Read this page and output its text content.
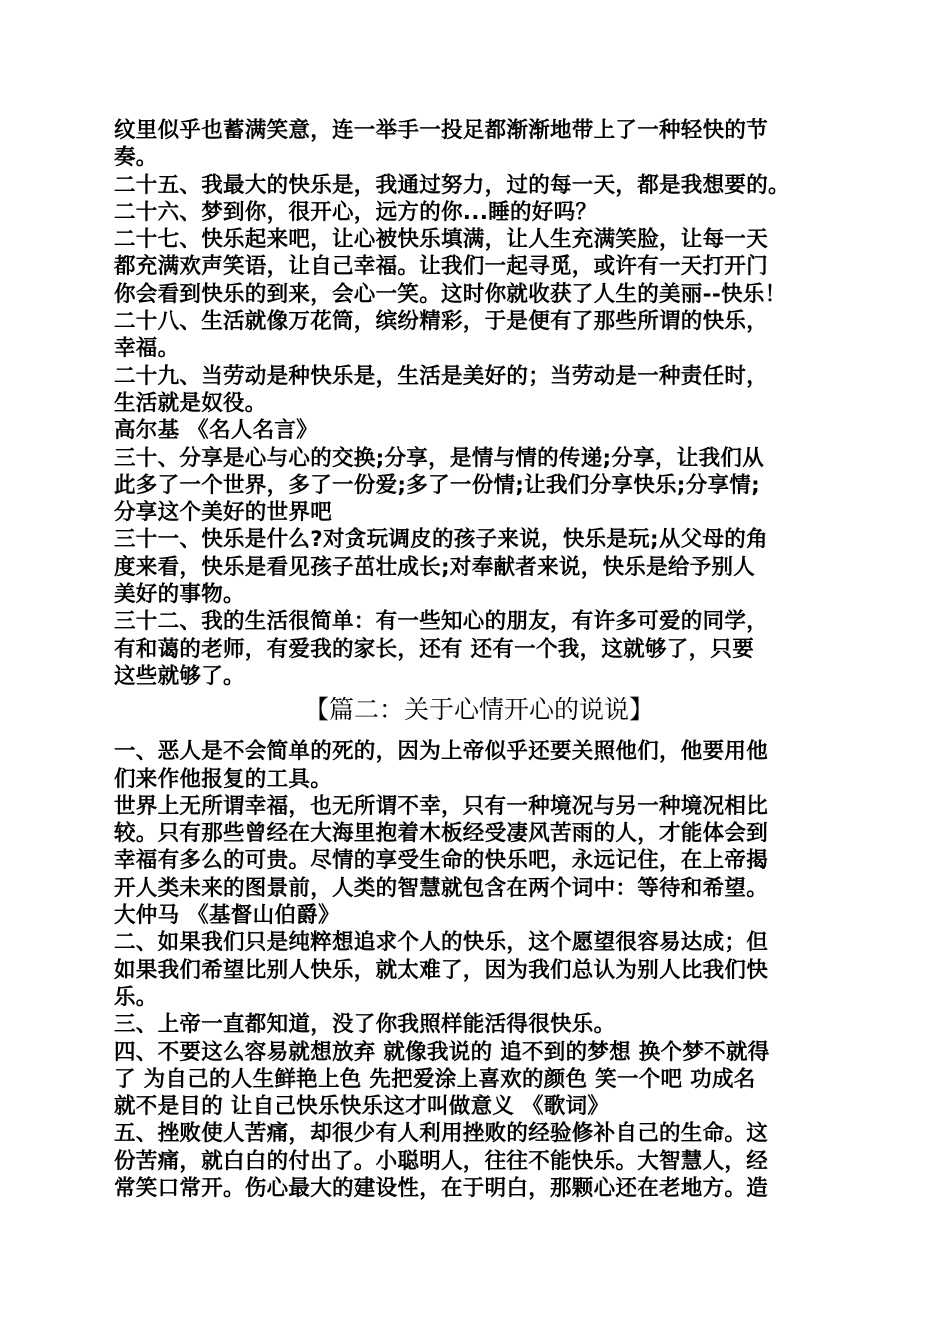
纹里似乎也蓄满笑意，连一举手一投足都渐渐地带上了一种轻快的节
奏。

二十五、我最大的快乐是，我通过努力，过的每一天，都是我想要的。

二十六、梦到你，很开心，远方的你...睡的好吗？

二十七、快乐起来吧，让心被快乐填满，让人生充满笑脸，让每一天
都充满欢声笑语，让自己幸福。让我们一起寻觅，或许有一天打开门
你会看到快乐的到来，会心一笑。这时你就收获了人生的美丽--快乐！

二十八、生活就像万花筒，缤纷精彩，于是便有了那些所谓的快乐，
幸福。

二十九、当劳动是种快乐是，生活是美好的；当劳动是一种责任时，
生活就是奴役。

高尔基 《名人名言》

三十、分享是心与心的交换;分享，是情与情的传递;分享，让我们从
此多了一个世界，多了一份爱;多了一份情;让我们分享快乐;分享情;
分享这个美好的世界吧

三十一、快乐是什么?对贪玩调皮的孩子来说，快乐是玩;从父母的角
度来看，快乐是看见孩子茁壮成长;对奉献者来说，快乐是给予别人
美好的事物。

三十二、我的生活很简单：有一些知心的朋友，有许多可爱的同学，
有和蔼的老师，有爱我的家长，还有 还有一个我，这就够了，只要
这些就够了。

【篇二：关于心情开心的说说】

一、恶人是不会简单的死的，因为上帝似乎还要关照他们，他要用他
们来作他报复的工具。

世界上无所谓幸福，也无所谓不幸，只有一种境况与另一种境况相比
较。只有那些曾经在大海里抱着木板经受凄风苦雨的人，才能体会到
幸福有多么的可贵。尽情的享受生命的快乐吧，永远记住，在上帝揭
开人类未来的图景前，人类的智慧就包含在两个词中：等待和希望。

大仲马 《基督山伯爵》

二、如果我们只是纯粹想追求个人的快乐，这个愿望很容易达成；但
如果我们希望比别人快乐，就太难了，因为我们总认为别人比我们快
乐。

三、上帝一直都知道，没了你我照样能活得很快乐。

四、不要这么容易就想放弃 就像我说的 追不到的梦想 换个梦不就得
了 为自己的人生鲜艳上色 先把爱涂上喜欢的颜色 笑一个吧 功成名
就不是目的 让自己快乐快乐这才叫做意义 《歌词》

五、挫败使人苦痛，却很少有人利用挫败的经验修补自己的生命。这
份苦痛，就白白的付出了。小聪明人，往往不能快乐。大智慧人，经
常笑口常开。伤心最大的建设性，在于明白，那颗心还在老地方。造
